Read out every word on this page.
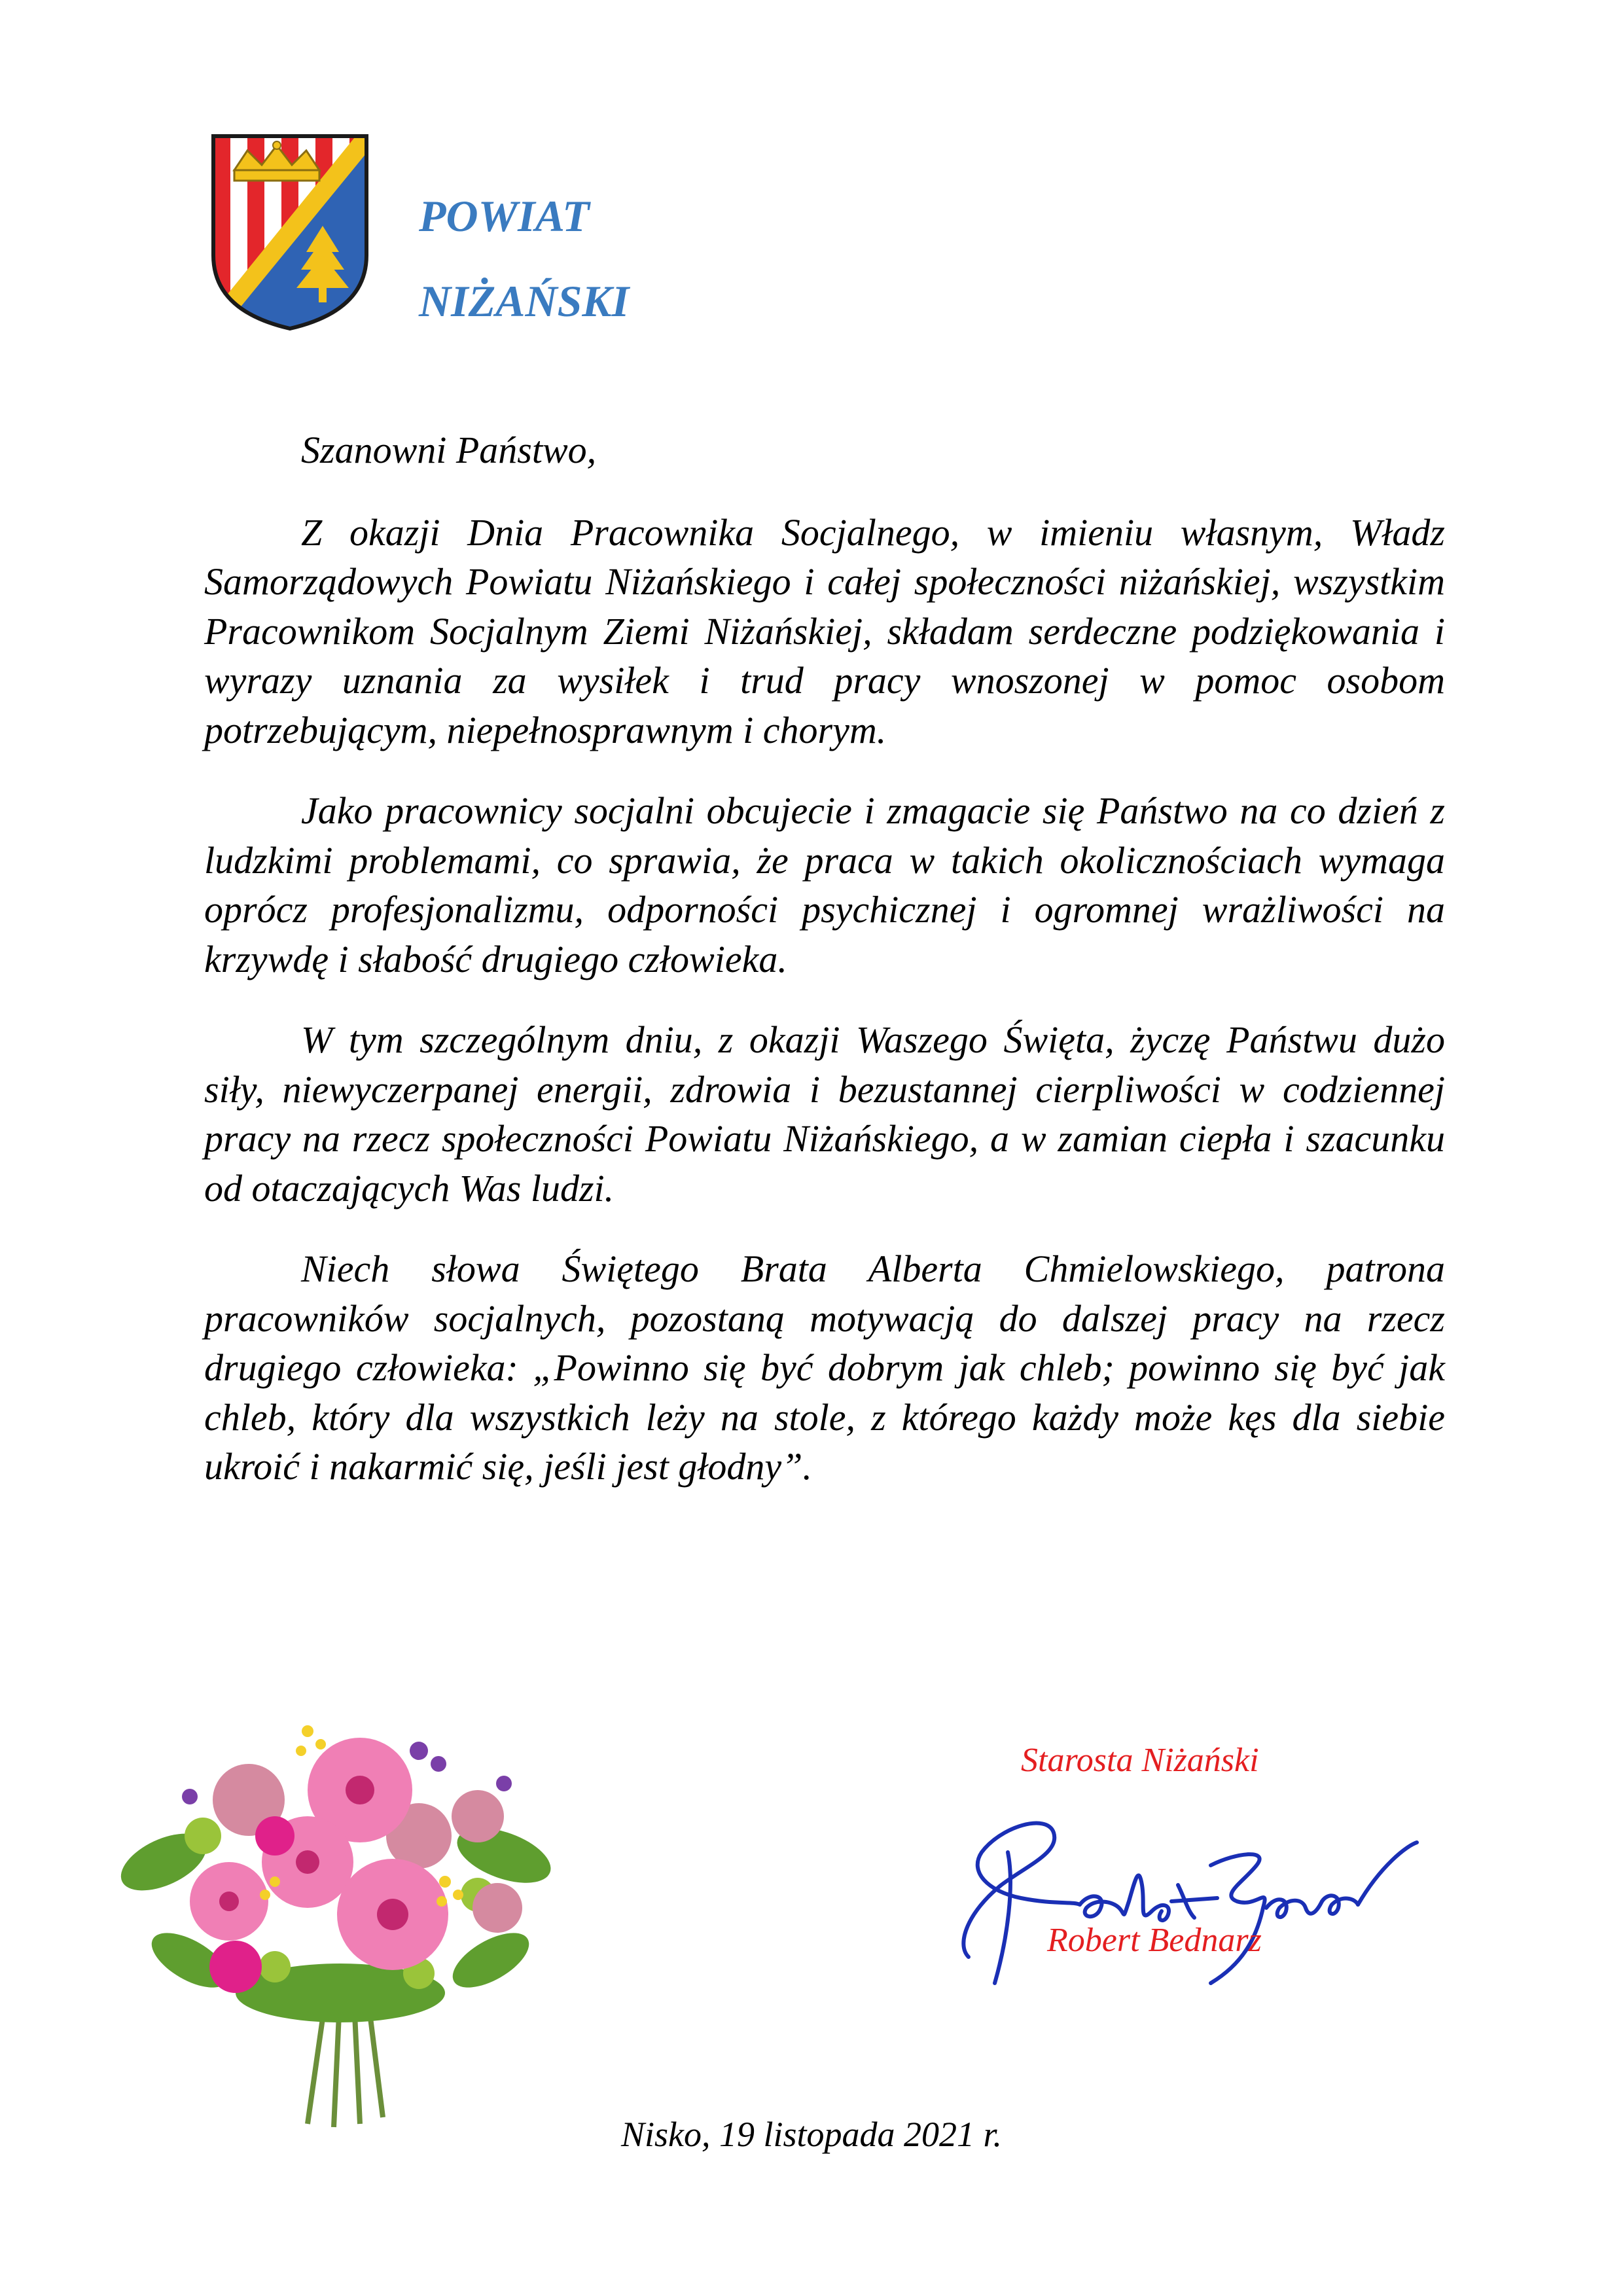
POWIAT
NIŻAŃSKI

Szanowni Państwo,

Z okazji Dnia Pracownika Socjalnego, w imieniu własnym, Władz Samorządowych Powiatu Niżańskiego i całej społeczności niżańskiej, wszystkim Pracownikom Socjalnym Ziemi Niżańskiej, składam serdeczne podziękowania i wyrazy uznania za wysiłek i trud pracy wnoszonej w pomoc osobom potrzebującym, niepełnosprawnym i chorym.

Jako pracownicy socjalni obcujecie i zmagacie się Państwo na co dzień z ludzkimi problemami, co sprawia, że praca w takich okolicznościach wymaga oprócz profesjonalizmu, odporności psychicznej i ogromnej wrażliwości na krzywdę i słabość drugiego człowieka.

W tym szczególnym dniu, z okazji Waszego Święta, życzę Państwu dużo siły, niewyczerpanej energii, zdrowia i bezustannej cierpliwości w codziennej pracy na rzecz społeczności Powiatu Niżańskiego, a w zamian ciepła i szacunku od otaczających Was ludzi.

Niech słowa Świętego Brata Alberta Chmielowskiego, patrona pracowników socjalnych, pozostaną motywacją do dalszej pracy na rzecz drugiego człowieka: „Powinno się być dobrym jak chleb; powinno się być jak chleb, który dla wszystkich leży na stole, z którego każdy może kęs dla siebie ukroić i nakarmić się, jeśli jest głodny”.

Starosta Niżański
Robert Bednarz
Nisko, 19 listopada 2021 r.
